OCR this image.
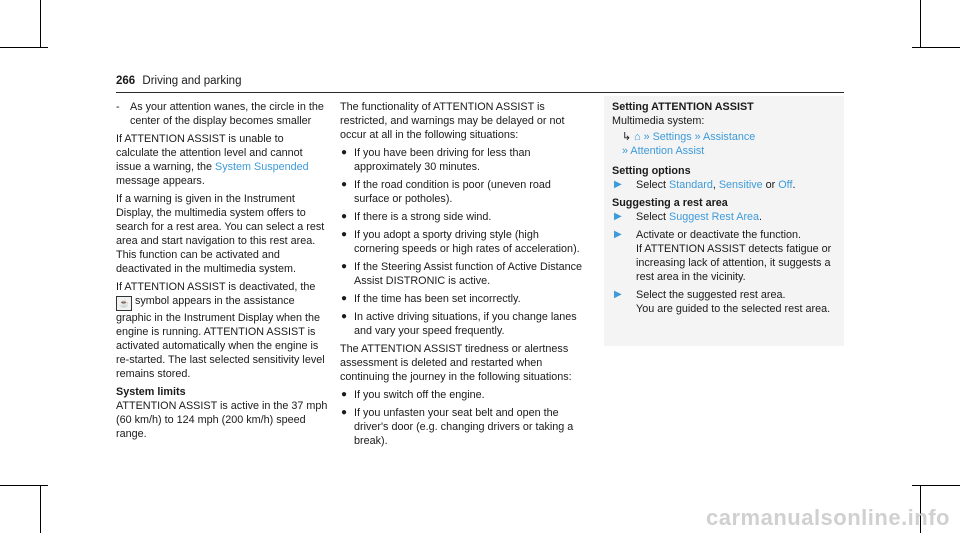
266 Driving and parking

- As your attention wanes, the circle in the center of the display becomes smaller

If ATTENTION ASSIST is unable to calculate the attention level and cannot issue a warning, the System Suspended message appears.

If a warning is given in the Instrument Display, the multimedia system offers to search for a rest area. You can select a rest area and start navigation to this rest area. This function can be activated and deactivated in the multimedia system.

If ATTENTION ASSIST is deactivated, the ☕ symbol appears in the assistance graphic in the Instrument Display when the engine is running. ATTENTION ASSIST is activated automatically when the engine is re-started. The last selected sensitivity level remains stored.

System limits

ATTENTION ASSIST is active in the 37 mph (60 km/h) to 124 mph (200 km/h) speed range.

The functionality of ATTENTION ASSIST is restricted, and warnings may be delayed or not occur at all in the following situations:

● If you have been driving for less than approximately 30 minutes.

● If the road condition is poor (uneven road surface or potholes).

● If there is a strong side wind.

● If you adopt a sporty driving style (high cornering speeds or high rates of acceleration).

● If the Steering Assist function of Active Distance Assist DISTRONIC is active.

● If the time has been set incorrectly.

● In active driving situations, if you change lanes and vary your speed frequently.

The ATTENTION ASSIST tiredness or alertness assessment is deleted and restarted when continuing the journey in the following situations:

● If you switch off the engine.

● If you unfasten your seat belt and open the driver's door (e.g. changing drivers or taking a break).

Setting ATTENTION ASSIST

Multimedia system:

↳ ⌂ » Settings » Assistance

» Attention Assist

Setting options

▶ Select Standard, Sensitive or Off.

Suggesting a rest area

▶ Select Suggest Rest Area.

▶ Activate or deactivate the function.
If ATTENTION ASSIST detects fatigue or increasing lack of attention, it suggests a rest area in the vicinity.

▶ Select the suggested rest area.
You are guided to the selected rest area.

carmanualsonline.info
